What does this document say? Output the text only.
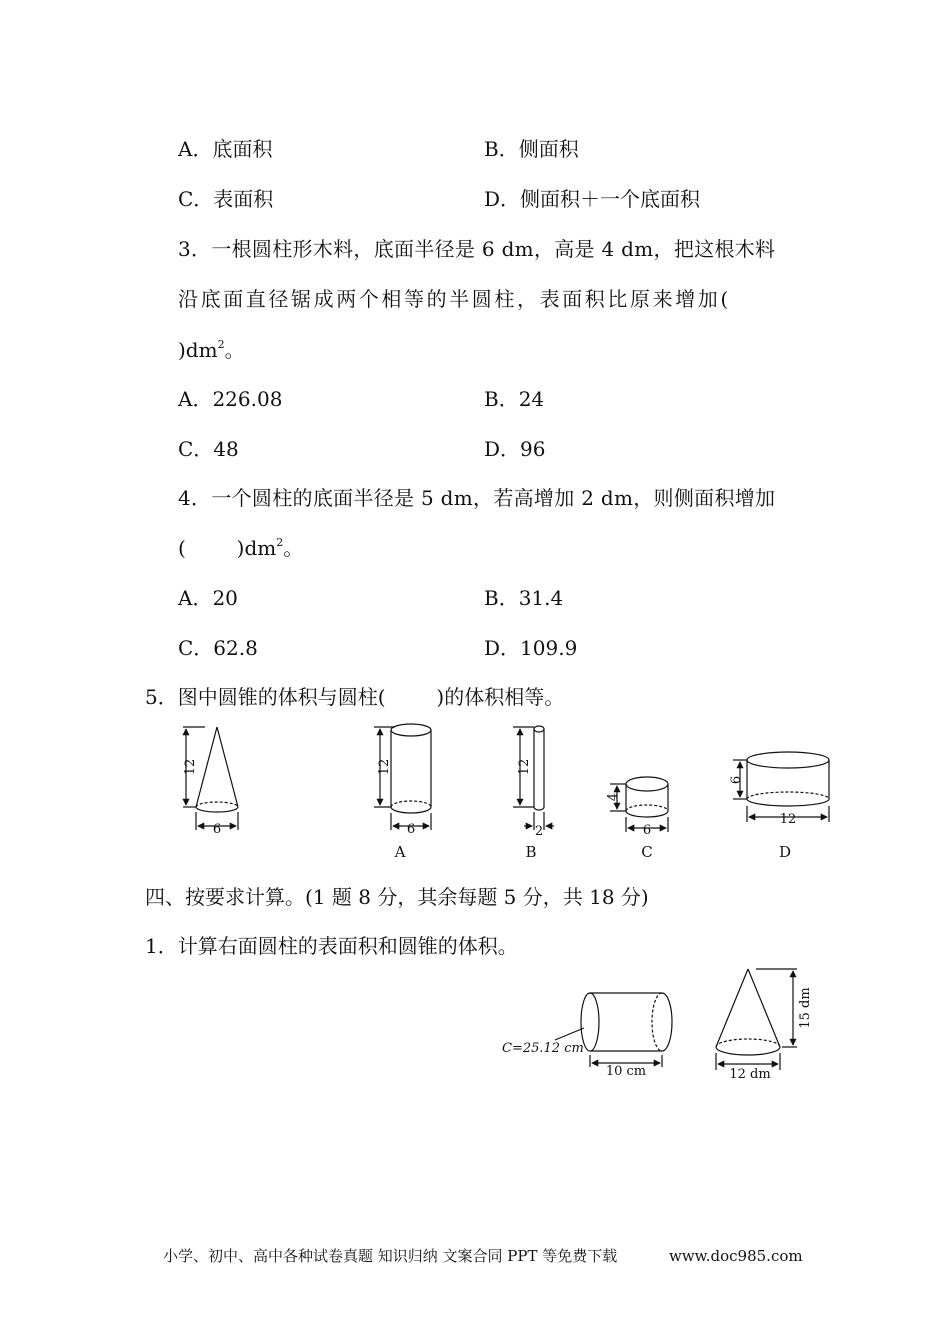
A．底面积	B．侧面积
C．表面积	D．侧面积＋一个底面积
3．一根圆柱形木料，底面半径是 6 dm，高是 4 dm，把这根木料
沿底面直径锯成两个相等的半圆柱，表面积比原来增加(
)$dm^2$。
A．226.08	B．24
C．48	D．96
4．一个圆柱的底面半径是 5 dm，若高增加 2 dm，则侧面积增加
(        )$dm^2$。
A．20	B．31.4
C．62.8	D．109.9
5．图中圆锥的体积与圆柱(        )的体积相等。
12
6
12
6
A
12
2
B
4
6
C
6
12
D
四、按要求计算。(1 题 8 分，其余每题 5 分，共 18 分)
1．计算右面圆柱的表面积和圆锥的体积。
C=25.12 cm
10 cm
15 dm
12 dm
小学、初中、高中各种试卷真题 知识归纳 文案合同 PPT 等免费下载	www.doc985.com
